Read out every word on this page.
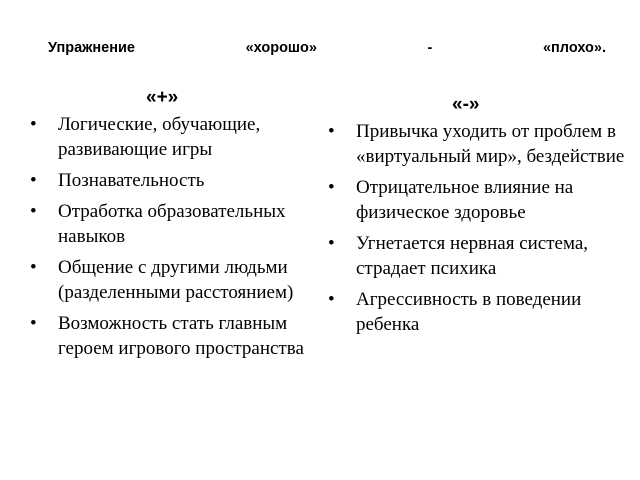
Упражнение	«хорошо»	-	«плохо».
«+»
• Логические, обучающие, развивающие игры
• Познавательность
• Отработка образовательных навыков
• Общение с другими людьми (разделенными расстоянием)
• Возможность стать главным героем игрового пространства
«-»
• Привычка уходить от проблем в «виртуальный мир», бездействие
• Отрицательное влияние на физическое здоровье
• Угнетается нервная система, страдает психика
• Агрессивность в поведении ребенка
